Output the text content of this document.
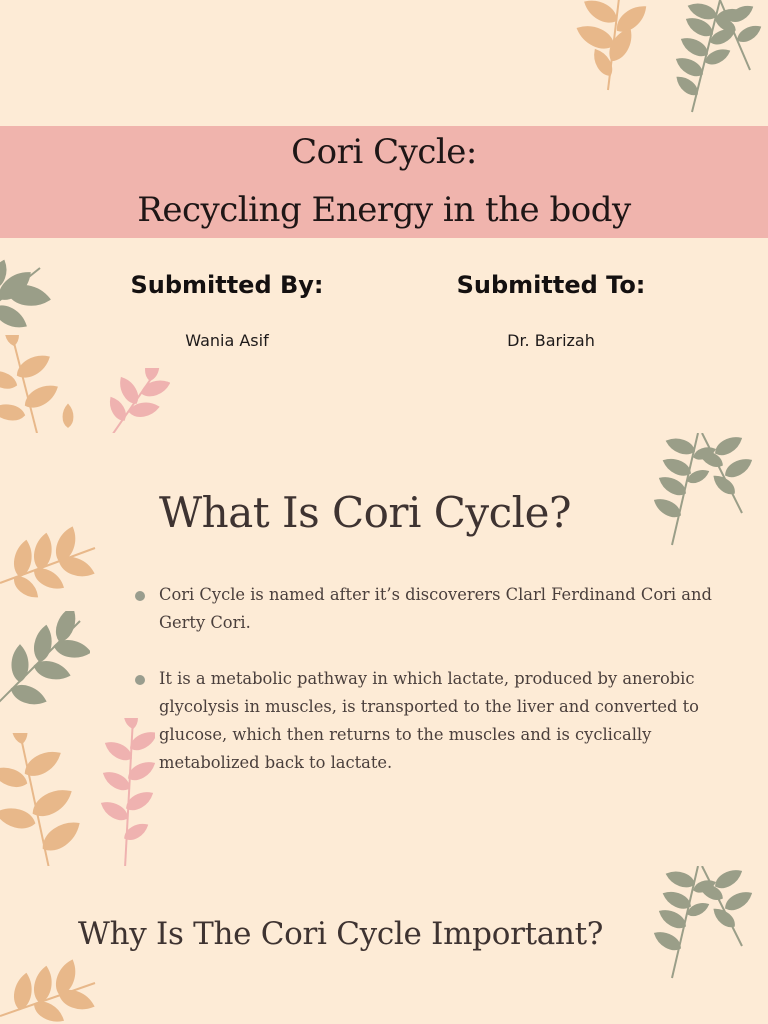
Cori Cycle:
Recycling Energy in the body
Submitted By:
Wania Asif
Submitted To:
Dr. Barizah
What Is Cori Cycle?
Cori Cycle is named after it’s discoverers Clarl Ferdinand Cori and Gerty Cori.
It is a metabolic pathway in which lactate, produced by anerobic glycolysis in muscles, is transported to the liver and converted to glucose, which then returns to the muscles and is cyclically metabolized back to lactate.
Why Is The Cori Cycle Important?
